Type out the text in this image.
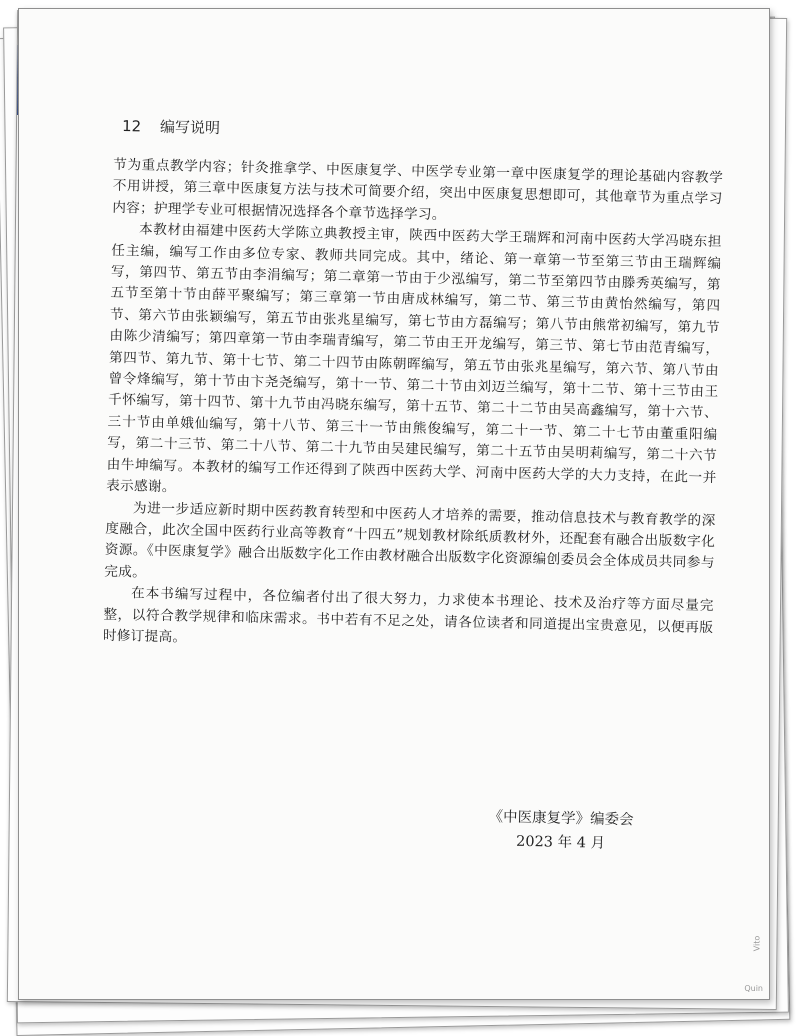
12 编写说明

节为重点教学内容；针灸推拿学、中医康复学、中医学专业第一章中医康复学的理论基础内容教学不用讲授，第三章中医康复方法与技术可简要介绍，突出中医康复思想即可，其他章节为重点学习内容；护理学专业可根据情况选择各个章节选择学习。

本教材由福建中医药大学陈立典教授主审，陕西中医药大学王瑞辉和河南中医药大学冯晓东担任主编，编写工作由多位专家、教师共同完成。其中，绪论、第一章第一节至第三节由王瑞辉编写，第四节、第五节由李涓编写；第二章第一节由于少泓编写，第二节至第四节由滕秀英编写，第五节至第十节由薛平聚编写；第三章第一节由唐成林编写，第二节、第三节由黄怡然编写，第四节、第六节由张颖编写，第五节由张兆星编写，第七节由方磊编写；第八节由熊常初编写，第九节由陈少清编写；第四章第一节由李瑞青编写，第二节由王开龙编写，第三节、第七节由范青编写，第四节、第九节、第十七节、第二十四节由陈朝晖编写，第五节由张兆星编写，第六节、第八节由曾令烽编写，第十节由卞尧尧编写，第十一节、第二十节由刘迈兰编写，第十二节、第十三节由王千怀编写，第十四节、第十九节由冯晓东编写，第十五节、第二十二节由吴高鑫编写，第十六节、三十节由单娥仙编写，第十八节、第三十一节由熊俊编写，第二十一节、第二十七节由董重阳编写，第二十三节、第二十八节、第二十九节由吴建民编写，第二十五节由吴明莉编写，第二十六节由牛坤编写。本教材的编写工作还得到了陕西中医药大学、河南中医药大学的大力支持，在此一并表示感谢。

为进一步适应新时期中医药教育转型和中医药人才培养的需要，推动信息技术与教育教学的深度融合，此次全国中医药行业高等教育“十四五”规划教材除纸质教材外，还配套有融合出版数字化资源。《中医康复学》融合出版数字化工作由教材融合出版数字化资源编创委员会全体成员共同参与完成。

在本书编写过程中，各位编者付出了很大努力，力求使本书理论、技术及治疗等方面尽量完整，以符合教学规律和临床需求。书中若有不足之处，请各位读者和同道提出宝贵意见，以便再版时修订提高。

《中医康复学》编委会
2023 年 4 月
Vito
Quin
